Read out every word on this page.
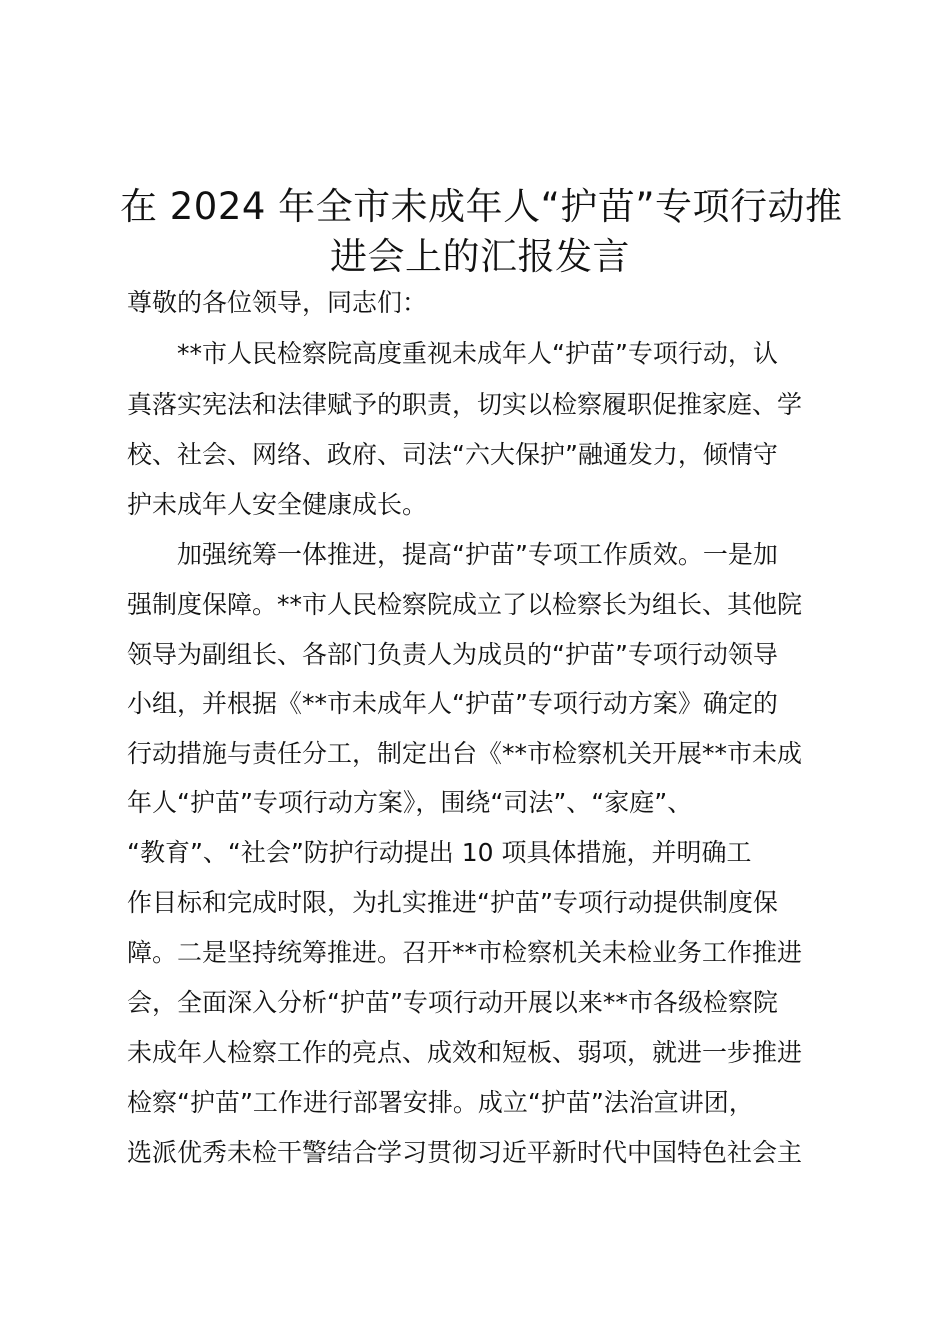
在 2024 年全市未成年人“护苗”专项行动推
进会上的汇报发言

尊敬的各位领导，同志们：

**市人民检察院高度重视未成年人“护苗”专项行动，认

真落实宪法和法律赋予的职责，切实以检察履职促推家庭、学

校、社会、网络、政府、司法“六大保护”融通发力，倾情守

护未成年人安全健康成长。

加强统筹一体推进，提高“护苗”专项工作质效。一是加

强制度保障。**市人民检察院成立了以检察长为组长、其他院

领导为副组长、各部门负责人为成员的“护苗”专项行动领导

小组，并根据《**市未成年人“护苗”专项行动方案》确定的

行动措施与责任分工，制定出台《**市检察机关开展**市未成

年人“护苗”专项行动方案》，围绕“司法”、“家庭”、

“教育”、“社会”防护行动提出 10 项具体措施，并明确工

作目标和完成时限，为扎实推进“护苗”专项行动提供制度保

障。二是坚持统筹推进。召开**市检察机关未检业务工作推进

会，全面深入分析“护苗”专项行动开展以来**市各级检察院

未成年人检察工作的亮点、成效和短板、弱项，就进一步推进

检察“护苗”工作进行部署安排。成立“护苗”法治宣讲团，

选派优秀未检干警结合学习贯彻习近平新时代中国特色社会主
